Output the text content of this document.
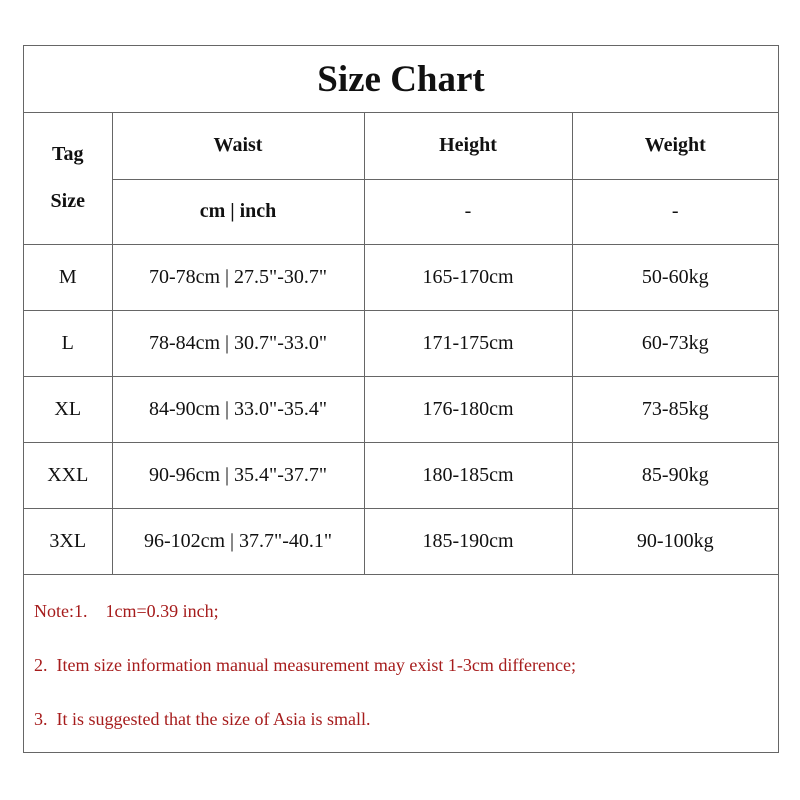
Size Chart
Tag
Size	Waist	Height	Weight
	cm | inch	-	-
M	70-78cm | 27.5"-30.7"	165-170cm	50-60kg
L	78-84cm | 30.7"-33.0"	171-175cm	60-73kg
XL	84-90cm | 33.0"-35.4"	176-180cm	73-85kg
XXL	90-96cm | 35.4"-37.7"	180-185cm	85-90kg
3XL	96-102cm | 37.7"-40.1"	185-190cm	90-100kg
Note:1.    1cm=0.39 inch;
2.  Item size information manual measurement may exist 1-3cm difference;
3.  It is suggested that the size of Asia is small.
